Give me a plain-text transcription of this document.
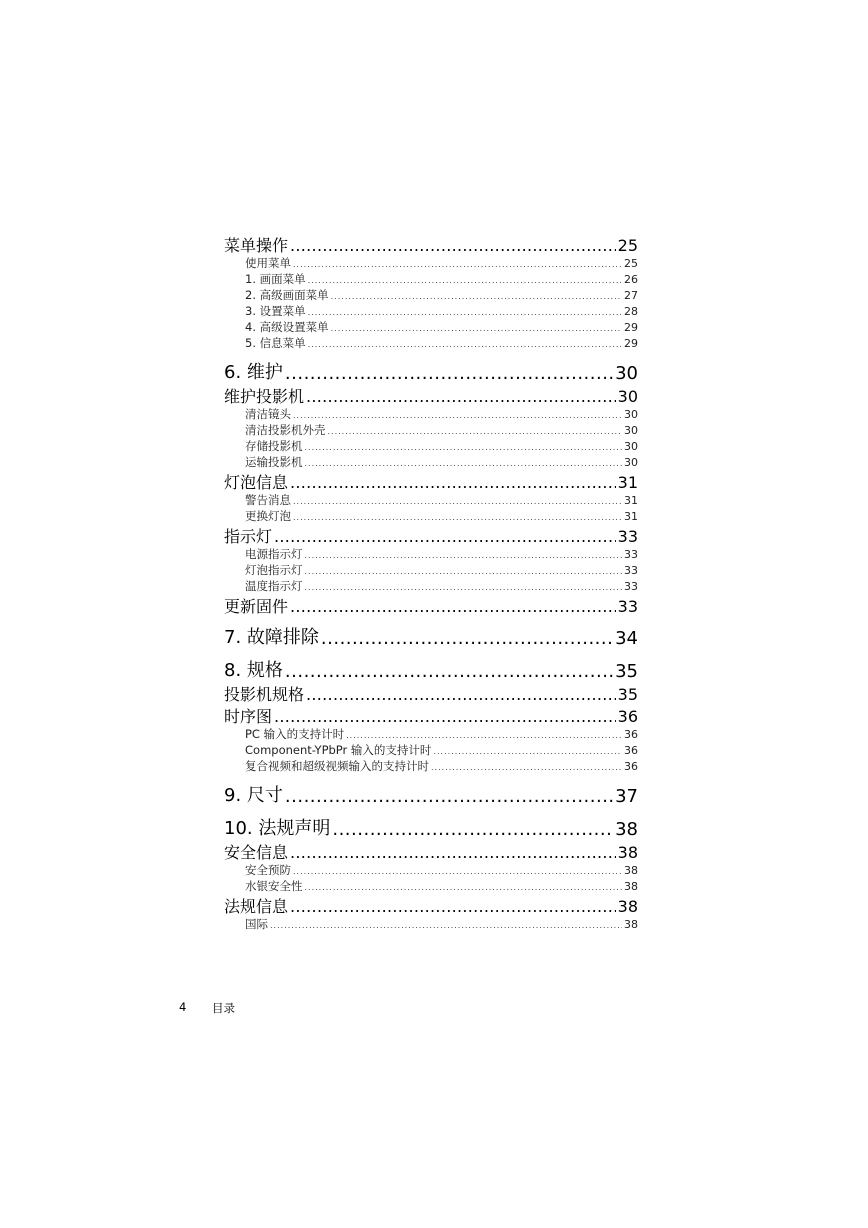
菜单操作 .....	25
使用菜单 .....	25
1. 画面菜单 .....	26
2. 高级画面菜单 .....	27
3. 设置菜单 .....	28
4. 高级设置菜单 .....	29
5. 信息菜单 .....	29
6. 维护 .....	30
维护投影机 .....	30
清洁镜头 .....	30
清洁投影机外壳 .....	30
存储投影机 .....	30
运输投影机 .....	30
灯泡信息 .....	31
警告消息 .....	31
更换灯泡 .....	31
指示灯 .....	33
电源指示灯 .....	33
灯泡指示灯 .....	33
温度指示灯 .....	33
更新固件 .....	33
7. 故障排除 .....	34
8. 规格 .....	35
投影机规格 .....	35
时序图 .....	36
PC 输入的支持计时 .....	36
Component-YPbPr 输入的支持计时 .....	36
复合视频和超级视频输入的支持计时 .....	36
9. 尺寸 .....	37
10. 法规声明 .....	38
安全信息 .....	38
安全预防 .....	38
水银安全性 .....	38
法规信息 .....	38
国际 .....	38
4	目录
